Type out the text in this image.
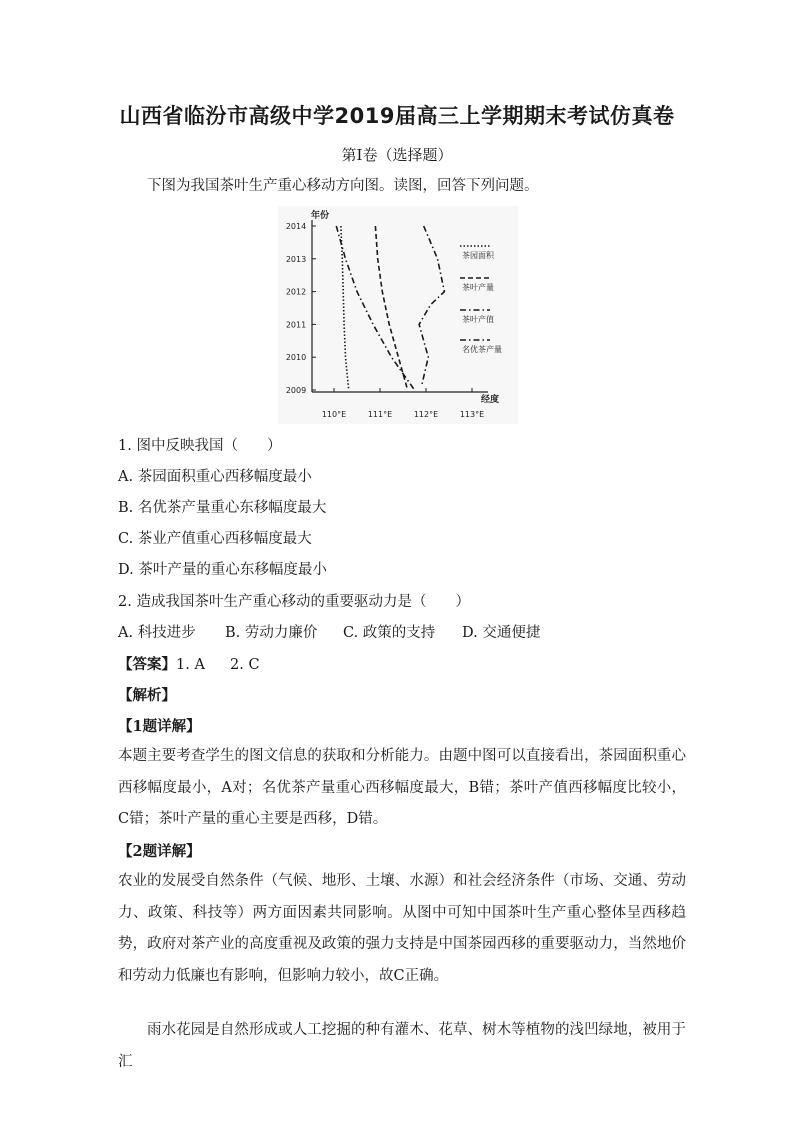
山西省临汾市高级中学2019届高三上学期期末考试仿真卷
第Ⅰ卷（选择题）
下图为我国茶叶生产重心移动方向图。读图，回答下列问题。
2009
2010
2011
2012
2013
2014
110°E	111°E	112°E	113°E
年份
经度
茶园面积
茶叶产量
茶叶产值
名优茶产量
1. 图中反映我国（　　）
A. 茶园面积重心西移幅度最小
B. 名优茶产量重心东移幅度最大
C. 茶业产值重心西移幅度最大
D. 茶叶产量的重心东移幅度最小
2. 造成我国茶叶生产重心移动的重要驱动力是（　　）
A. 科技进步 B. 劳动力廉价 C. 政策的支持 D. 交通便捷
【答案】1. A 2. C
【解析】
【1题详解】
本题主要考查学生的图文信息的获取和分析能力。由题中图可以直接看出，茶园面积重心西移幅度最小，A对；名优茶产量重心西移幅度最大，B错；茶叶产值西移幅度比较小，C错；茶叶产量的重心主要是西移，D错。
【2题详解】
农业的发展受自然条件（气候、地形、土壤、水源）和社会经济条件（市场、交通、劳动力、政策、科技等）两方面因素共同影响。从图中可知中国茶叶生产重心整体呈西移趋势，政府对茶产业的高度重视及政策的强力支持是中国茶园西移的重要驱动力，当然地价和劳动力低廉也有影响，但影响力较小，故C正确。
雨水花园是自然形成或人工挖掘的种有灌木、花草、树木等植物的浅凹绿地，被用于汇
